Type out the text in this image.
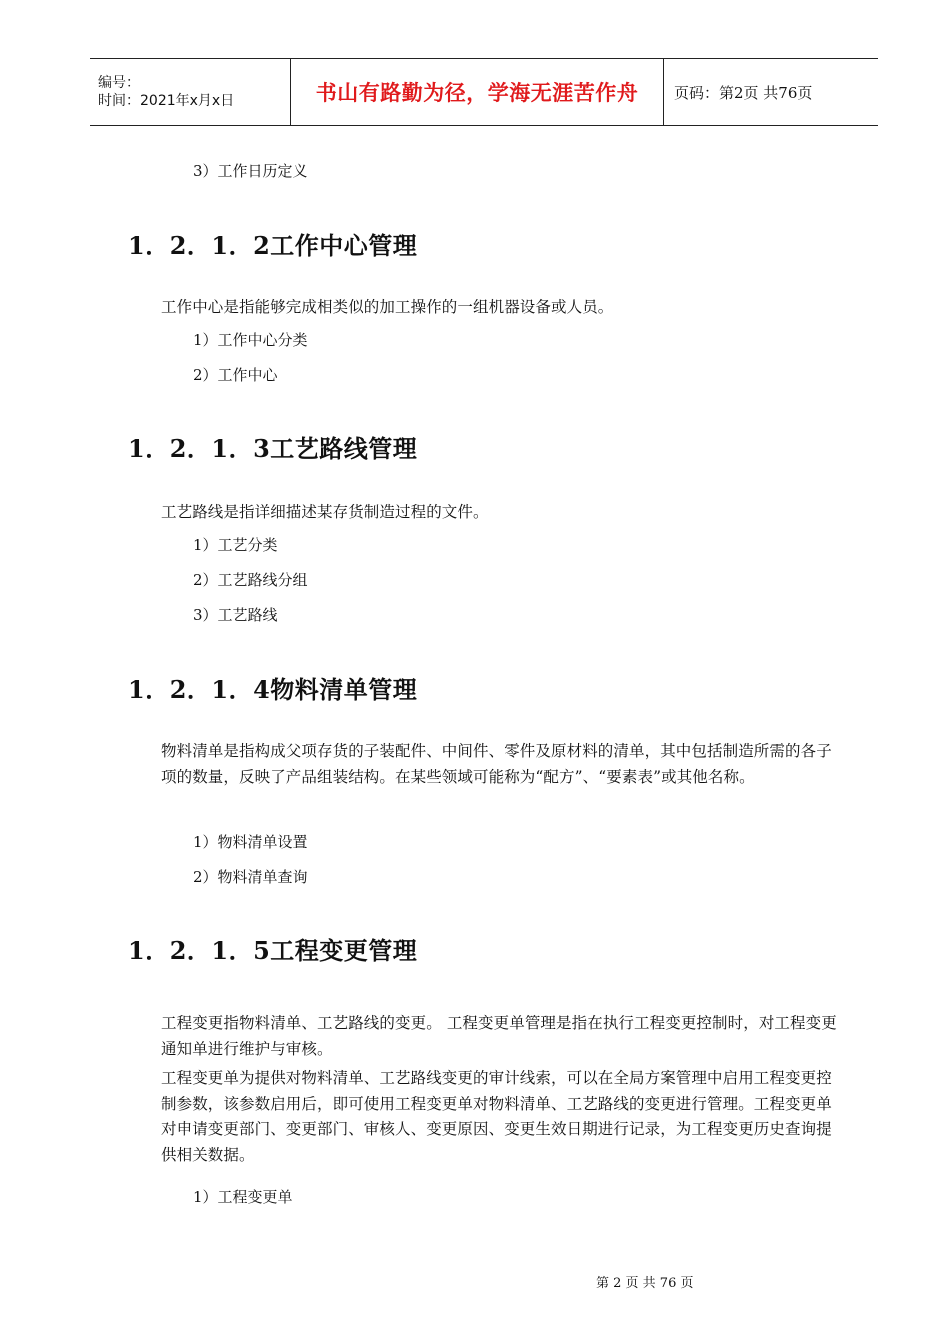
编号：
时间：2021年x月x日	书山有路勤为径，学海无涯苦作舟 页码：第2页 共76页
3）工作日历定义
1．2．1．2工作中心管理
工作中心是指能够完成相类似的加工操作的一组机器设备或人员。
1）工作中心分类
2）工作中心
1．2．1．3工艺路线管理
工艺路线是指详细描述某存货制造过程的文件。
1）工艺分类
2）工艺路线分组
3）工艺路线
1．2．1．4物料清单管理
物料清单是指构成父项存货的子装配件、中间件、零件及原材料的清单，其中包括制造所需的各子项的数量，反映了产品组装结构。在某些领域可能称为“配方”、“要素表”或其他名称。
1）物料清单设置
2）物料清单查询
1．2．1．5工程变更管理
工程变更指物料清单、工艺路线的变更。 工程变更单管理是指在执行工程变更控制时，对工程变更通知单进行维护与审核。
工程变更单为提供对物料清单、工艺路线变更的审计线索，可以在全局方案管理中启用工程变更控制参数，该参数启用后，即可使用工程变更单对物料清单、工艺路线的变更进行管理。工程变更单对申请变更部门、变更部门、审核人、变更原因、变更生效日期进行记录，为工程变更历史查询提供相关数据。
1）工程变更单
第 2 页 共 76 页
